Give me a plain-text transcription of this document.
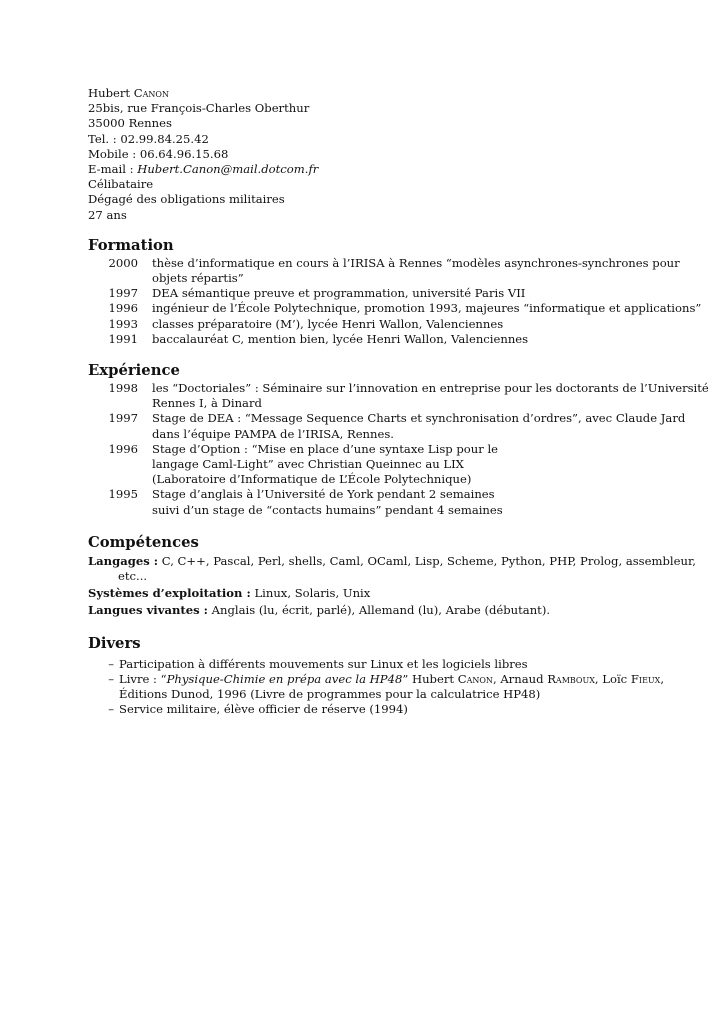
Hubert Canon
25bis, rue François-Charles Oberthur
35000 Rennes
Tel. : 02.99.84.25.42
Mobile : 06.64.96.15.68
E-mail : Hubert.Canon@mail.dotcom.fr
Célibataire
Dégagé des obligations militaires
27 ans
Formation
2000	thèse d’informatique en cours à l’IRISA à Rennes “modèles asynchrones-synchrones pour
objets répartis”
1997	DEA sémantique preuve et programmation, université Paris VII
1996	ingénieur de l’École Polytechnique, promotion 1993, majeures “informatique et applications”
1993	classes préparatoire (M’), lycée Henri Wallon, Valenciennes
1991	baccalauréat C, mention bien, lycée Henri Wallon, Valenciennes
Expérience
1998	les “Doctoriales” : Séminaire sur l’innovation en entreprise pour les doctorants de l’Université
Rennes I, à Dinard
1997	Stage de DEA : “Message Sequence Charts et synchronisation d’ordres”, avec Claude Jard
dans l’équipe PAMPA de l’IRISA, Rennes.
1996	Stage d’Option : “Mise en place d’une syntaxe Lisp pour le
langage Caml-Light” avec Christian Queinnec au LIX
(Laboratoire d’Informatique de L’École Polytechnique)
1995	Stage d’anglais à l’Université de York pendant 2 semaines
suivi d’un stage de “contacts humains” pendant 4 semaines
Compétences
Langages : C, C++, Pascal, Perl, shells, Caml, OCaml, Lisp, Scheme, Python, PHP, Prolog, assembleur,
etc...
Systèmes d’exploitation : Linux, Solaris, Unix
Langues vivantes : Anglais (lu, écrit, parlé), Allemand (lu), Arabe (débutant).
Divers
– Participation à différents mouvements sur Linux et les logiciels libres
– Livre : “Physique-Chimie en prépa avec la HP48” Hubert Canon, Arnaud Ramboux, Loïc Fieux,
Éditions Dunod, 1996 (Livre de programmes pour la calculatrice HP48)
– Service militaire, élève officier de réserve (1994)
